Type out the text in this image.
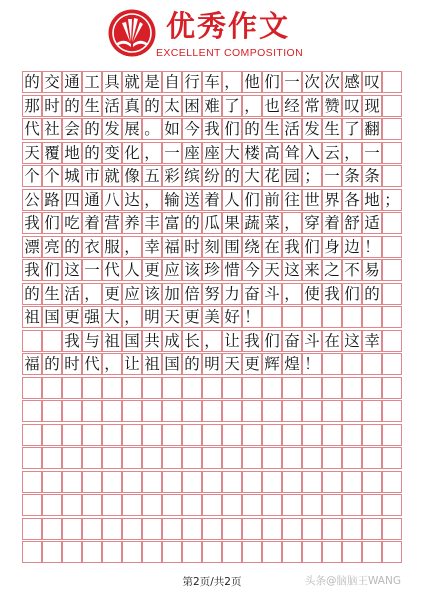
优秀作文
EXCELLENT COMPOSITION
的 交 通 工 具 就 是 自 行 车 ， 他 们 一 次 次 感 叹
那 时 的 生 活 真 的 太 困 难 了 ， 也 经 常 赞 叹 现
代 社 会 的 发 展 。 如 今 我 们 的 生 活 发 生 了 翻
天 覆 地 的 变 化 ， 一 座 座 大 楼 高 耸 入 云 ， 一
个 个 城 市 就 像 五 彩 缤 纷 的 大 花 园 ； 一 条 条
公 路 四 通 八 达 ， 输 送 着 人 们 前 往 世 界 各 地 ；
我 们 吃 着 营 养 丰 富 的 瓜 果 蔬 菜 ， 穿 着 舒 适
漂 亮 的 衣 服 ， 幸 福 时 刻 围 绕 在 我 们 身 边 ！
我 们 这 一 代 人 更 应 该 珍 惜 今 天 这 来 之 不 易
的 生 活 ， 更 应 该 加 倍 努 力 奋 斗 ， 使 我 们 的
祖 国 更 强 大 ， 明 天 更 美 好 ！

我 与 祖 国 共 成 长 ， 让 我 们 奋 斗 在 这 幸
福 的 时 代 ， 让 祖 国 的 明 天 更 辉 煌 ！
第2页/共2页	头条@脑脑王WANG
